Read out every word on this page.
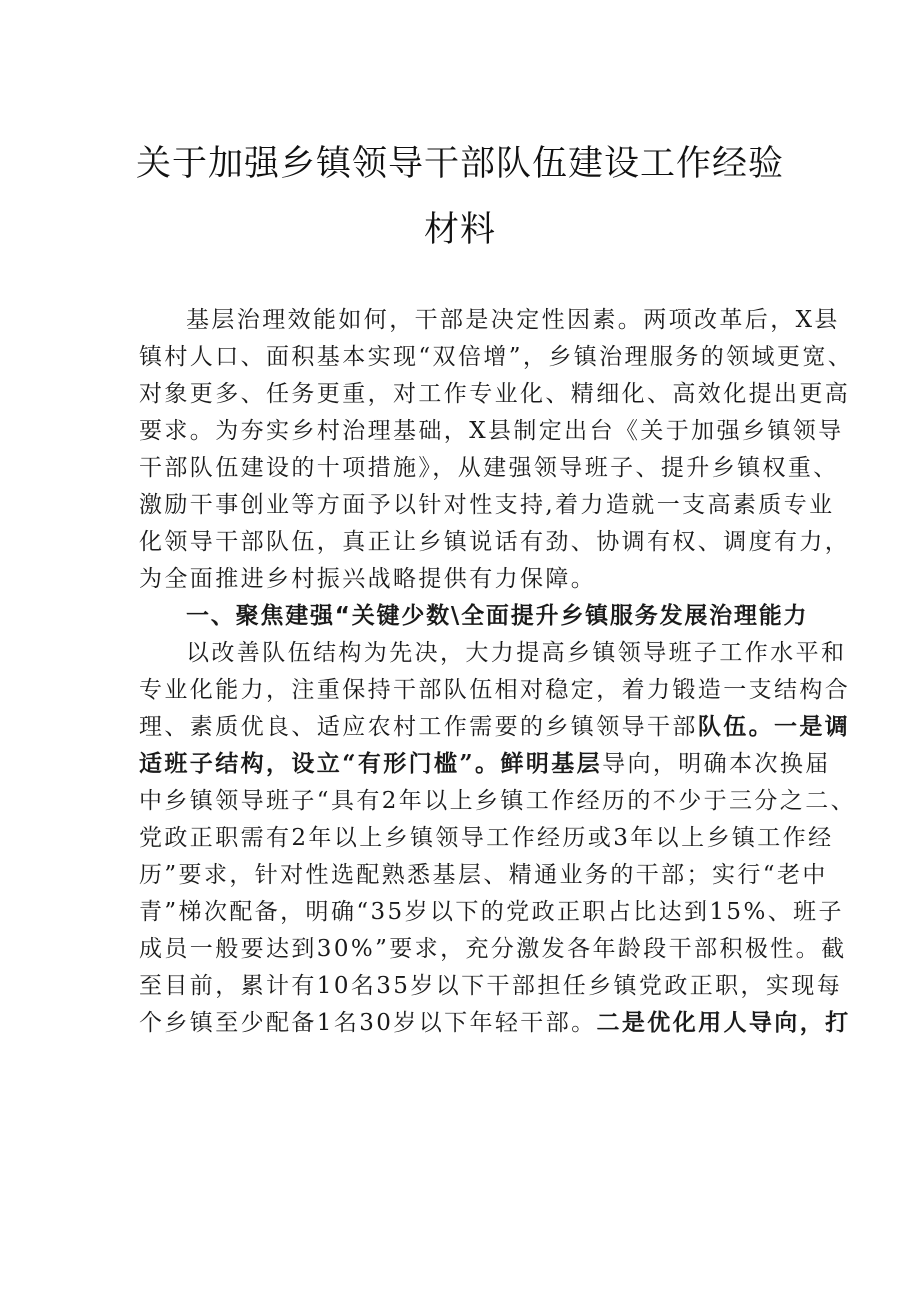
关于加强乡镇领导干部队伍建设工作经验
材料
基层治理效能如何，干部是决定性因素。两项改革后，X县
镇村人口、面积基本实现“双倍增”，乡镇治理服务的领域更宽、
对象更多、任务更重，对工作专业化、精细化、高效化提出更高
要求。为夯实乡村治理基础，X县制定出台《关于加强乡镇领导
干部队伍建设的十项措施》，从建强领导班子、提升乡镇权重、
激励干事创业等方面予以针对性支持,着力造就一支高素质专业
化领导干部队伍，真正让乡镇说话有劲、协调有权、调度有力，
为全面推进乡村振兴战略提供有力保障。
一、聚焦建强“关键少数\全面提升乡镇服务发展治理能力
以改善队伍结构为先决，大力提高乡镇领导班子工作水平和
专业化能力，注重保持干部队伍相对稳定，着力锻造一支结构合
理、素质优良、适应农村工作需要的乡镇领导干部 队伍。一是调
适班子结构，设立“有形门槛”。鲜明基层 导向，明确本次换届
中乡镇领导班子“具有2年以上乡镇工作经历的不少于三分之二、
党政正职需有2年以上乡镇领导工作经历或3年以上乡镇工作经
历”要求，针对性选配熟悉基层、精通业务的干部；实行“老中
青”梯次配备，明确“35岁以下的党政正职占比达到15%、班子
成员一般要达到30%”要求，充分激发各年龄段干部积极性。截
至目前，累计有10名35岁以下干部担任乡镇党政正职，实现每
个乡镇至少配备1名30岁以下年轻干部。 二是优化用人导向，打
